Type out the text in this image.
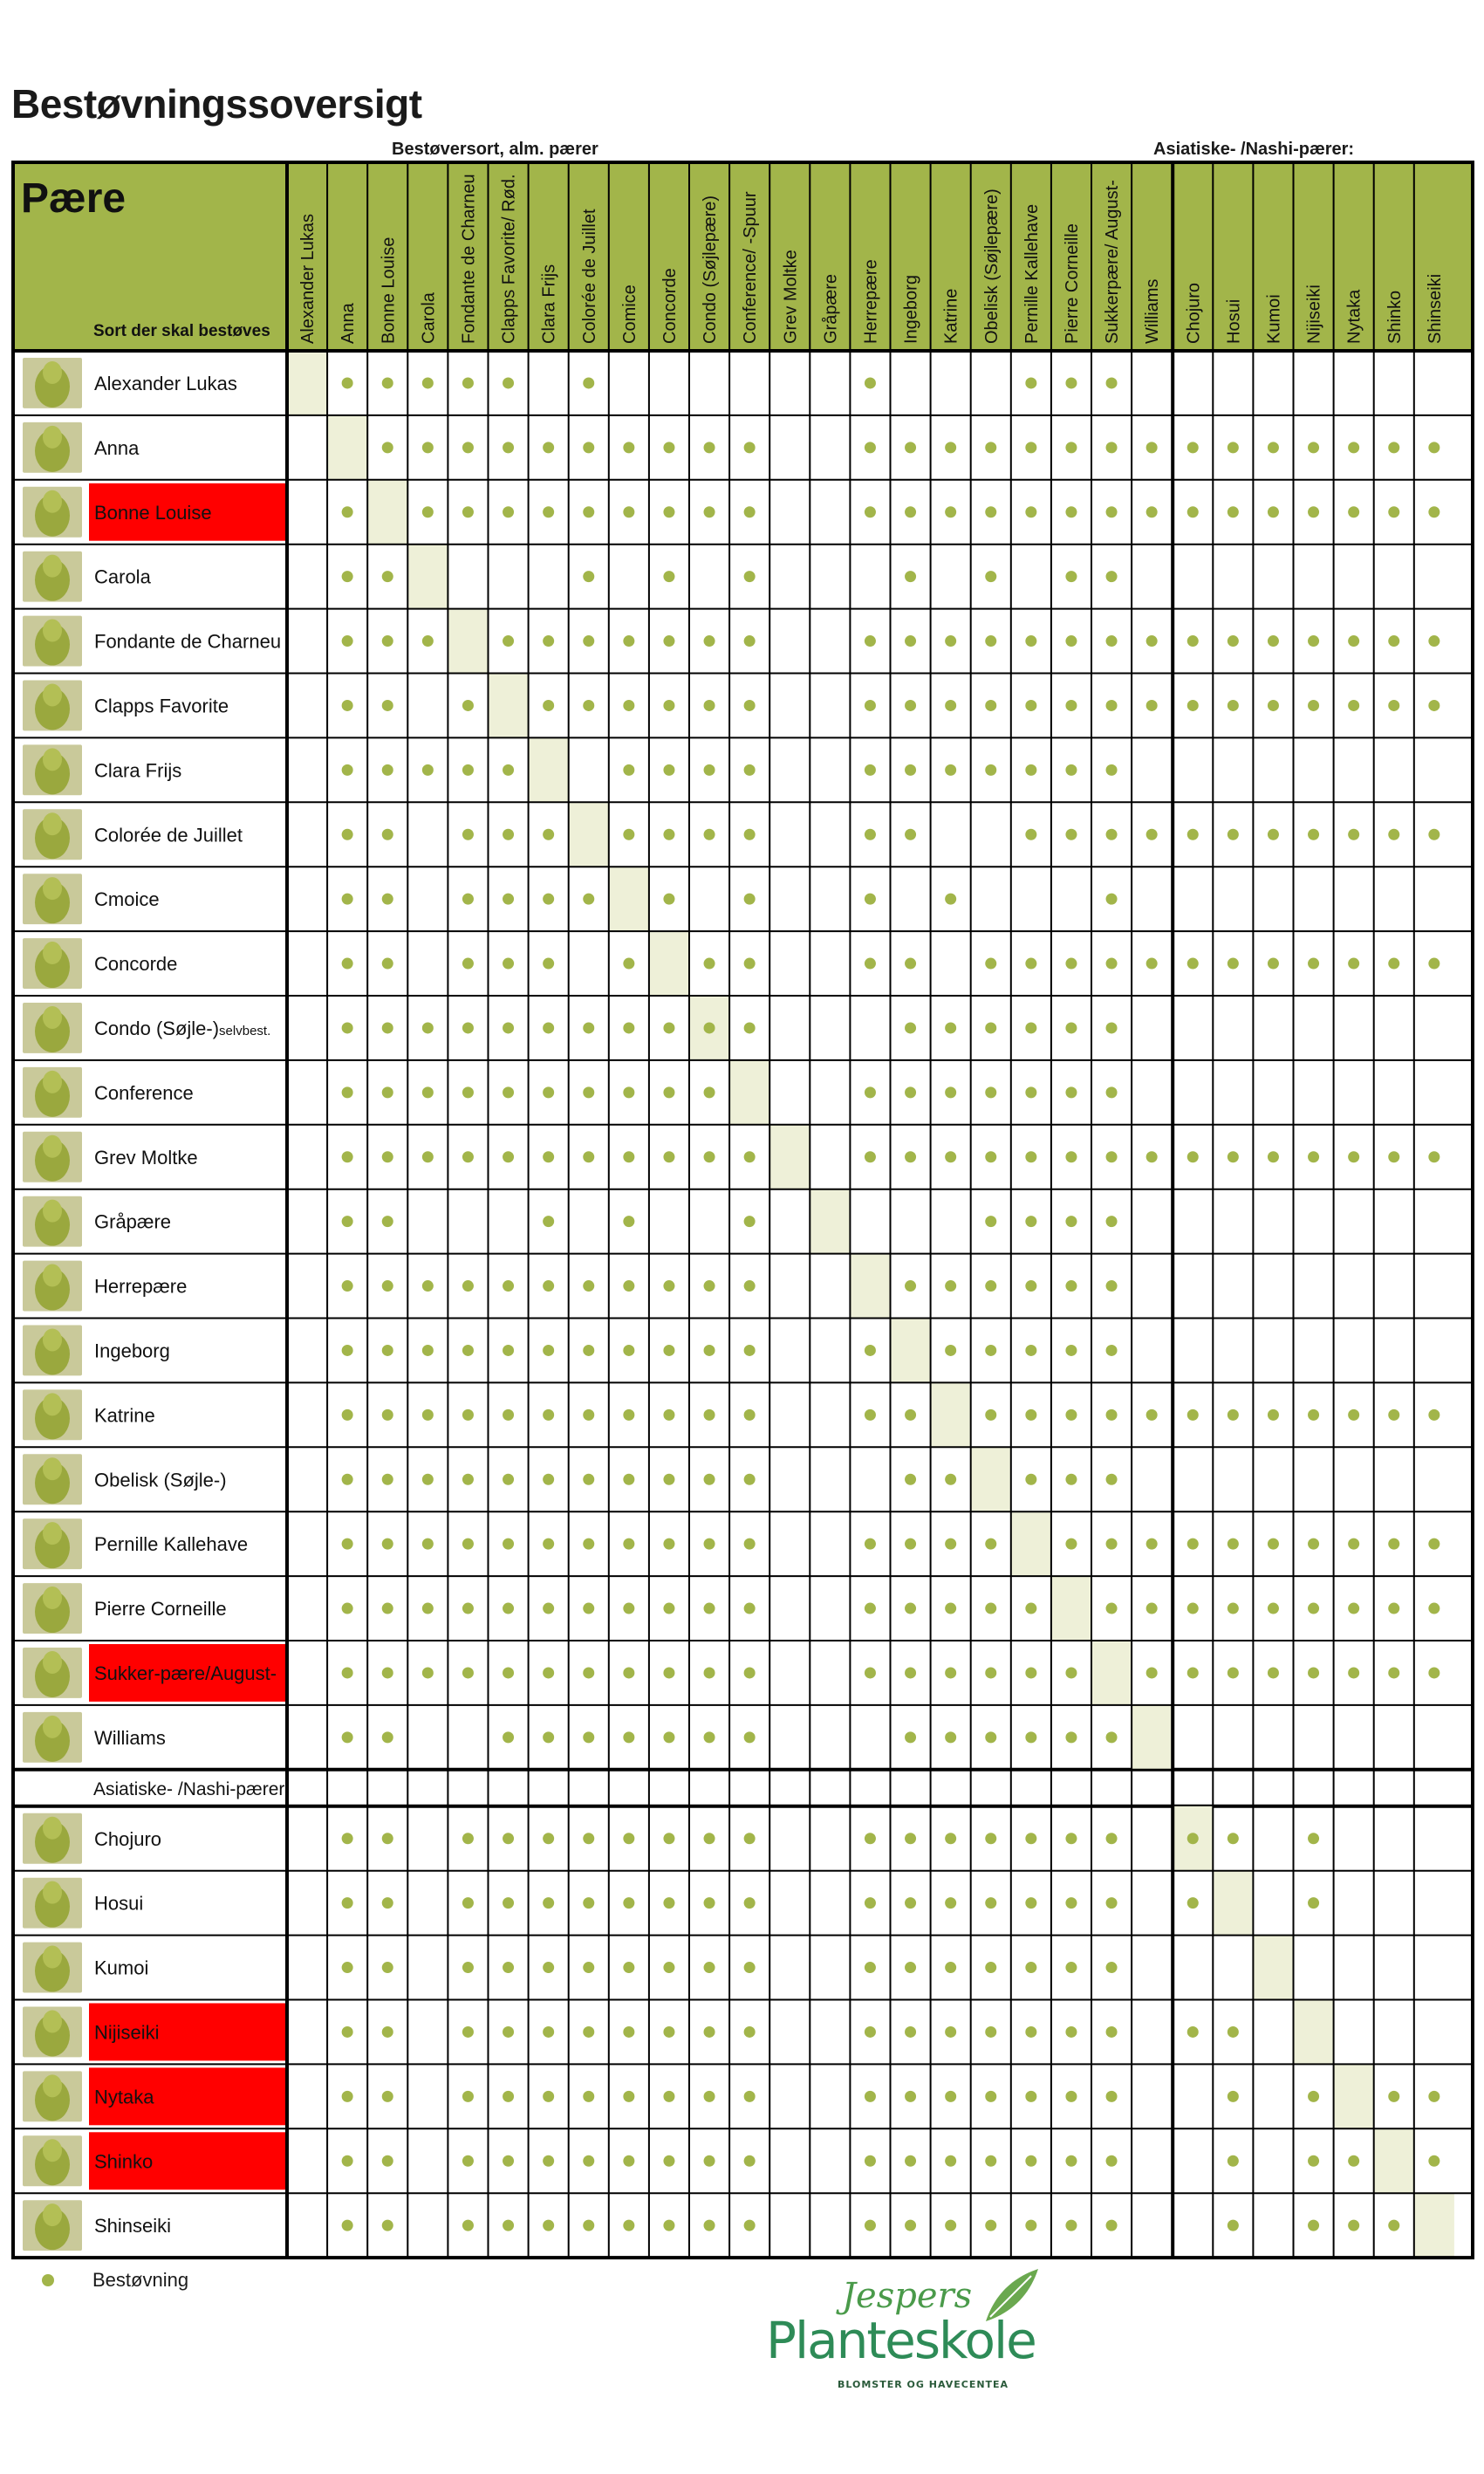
Bestøvningssoversigt
Bestøversort, alm. pærer	Asiatiske- /Nashi-pærer:
Pære
Sort der skal bestøves Alexander Lukas Anna Bonne Louise Carola Fondante de Charneu Clapps Favorite/ Rød. Clara Frijs Colorée de Juillet Comice Concorde Condo (Søjlepære) Conference/ -Spuur Grev Moltke Gråpære Herrepære Ingeborg Katrine Obelisk (Søjlepære) Pernille Kallehave Pierre Corneille Sukkerpære/ August- Williams Chojuro Hosui Kumoi Nijiseiki Nytaka Shinko Shinseiki
Asiatiske- /Nashi-pærer:
Alexander Lukas
Anna
Bonne Louise
Carola
Fondante de Charneu
Clapps Favorite
Clara Frijs
Colorée de Juillet
Cmoice
Concorde
Condo (Søjle-)selvbest.
Conference
Grev Moltke
Gråpære
Herrepære
Ingeborg
Katrine
Obelisk (Søjle-)
Pernille Kallehave
Pierre Corneille
Sukker-pære/August-
Williams
Chojuro
Hosui
Kumoi
Nijiseiki
Nytaka
Shinko
Shinseiki
Bestøvning	Jespers
Planteskole
BLOMSTER OG HAVECENTEA
